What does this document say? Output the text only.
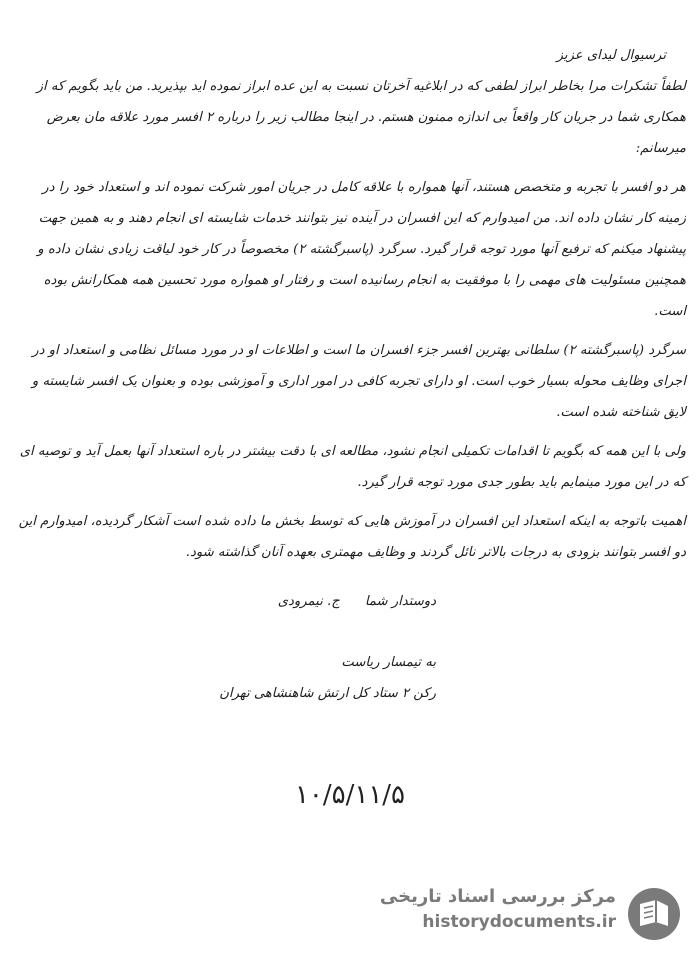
ترسیوال لیدای عزیز

لطفاً تشکرات مرا بخاطر ابراز لطفی که در ابلاغیه آخرتان نسبت به این عده ابراز نموده اید بپذیرید. من باید بگویم که از همکاری شما در جریان کار واقعاً بی اندازه ممنون هستم. در اینجا مطالب زیر را درباره ۲ افسر مورد علاقه مان بعرض میرسانم:

هر دو افسر با تجربه و متخصص هستند، آنها همواره با علاقه کامل در جریان امور شرکت نموده اند و استعداد خود را در زمینه کار نشان داده اند. من امیدوارم که این افسران در آینده نیز بتوانند خدمات شایسته ای انجام دهند و به همین جهت پیشنهاد میکنم که ترفیع آنها مورد توجه قرار گیرد. سرگرد (پاسبرگشته ۲) مخصوصاً در کار خود لیاقت زیادی نشان داده و همچنین مسئولیت های مهمی را با موفقیت به انجام رسانیده است و رفتار او همواره مورد تحسین همه همکارانش بوده است.

سرگرد (پاسبرگشته ۲) سلطانی بهترین افسر جزء افسران ما است و اطلاعات او در مورد مسائل نظامی و استعداد او در اجرای وظایف محوله بسیار خوب است. او دارای تجربه کافی در امور اداری و آموزشی بوده و بعنوان یک افسر شایسته و لایق شناخته شده است.

ولی با این همه که بگویم تا اقدامات تکمیلی انجام نشود، مطالعه ای با دقت بیشتر در باره استعداد آنها بعمل آید و توصیه ای که در این مورد مینمایم باید بطور جدی مورد توجه قرار گیرد.

اهمیت باتوجه به اینکه استعداد این افسران در آموزش هایی که توسط بخش ما داده شده است آشکار گردیده، امیدوارم این دو افسر بتوانند بزودی به درجات بالاتر نائل گردند و وظایف مهمتری بعهده آنان گذاشته شود.

دوستدار شما      ج. نیمرودی
به تیمسار ریاست
رکن ۲ ستاد کل ارتش شاهنشاهی تهران
۱۰/۵/۱۱/۵
مرکز بررسی اسناد تاریخی
historydocuments.ir
